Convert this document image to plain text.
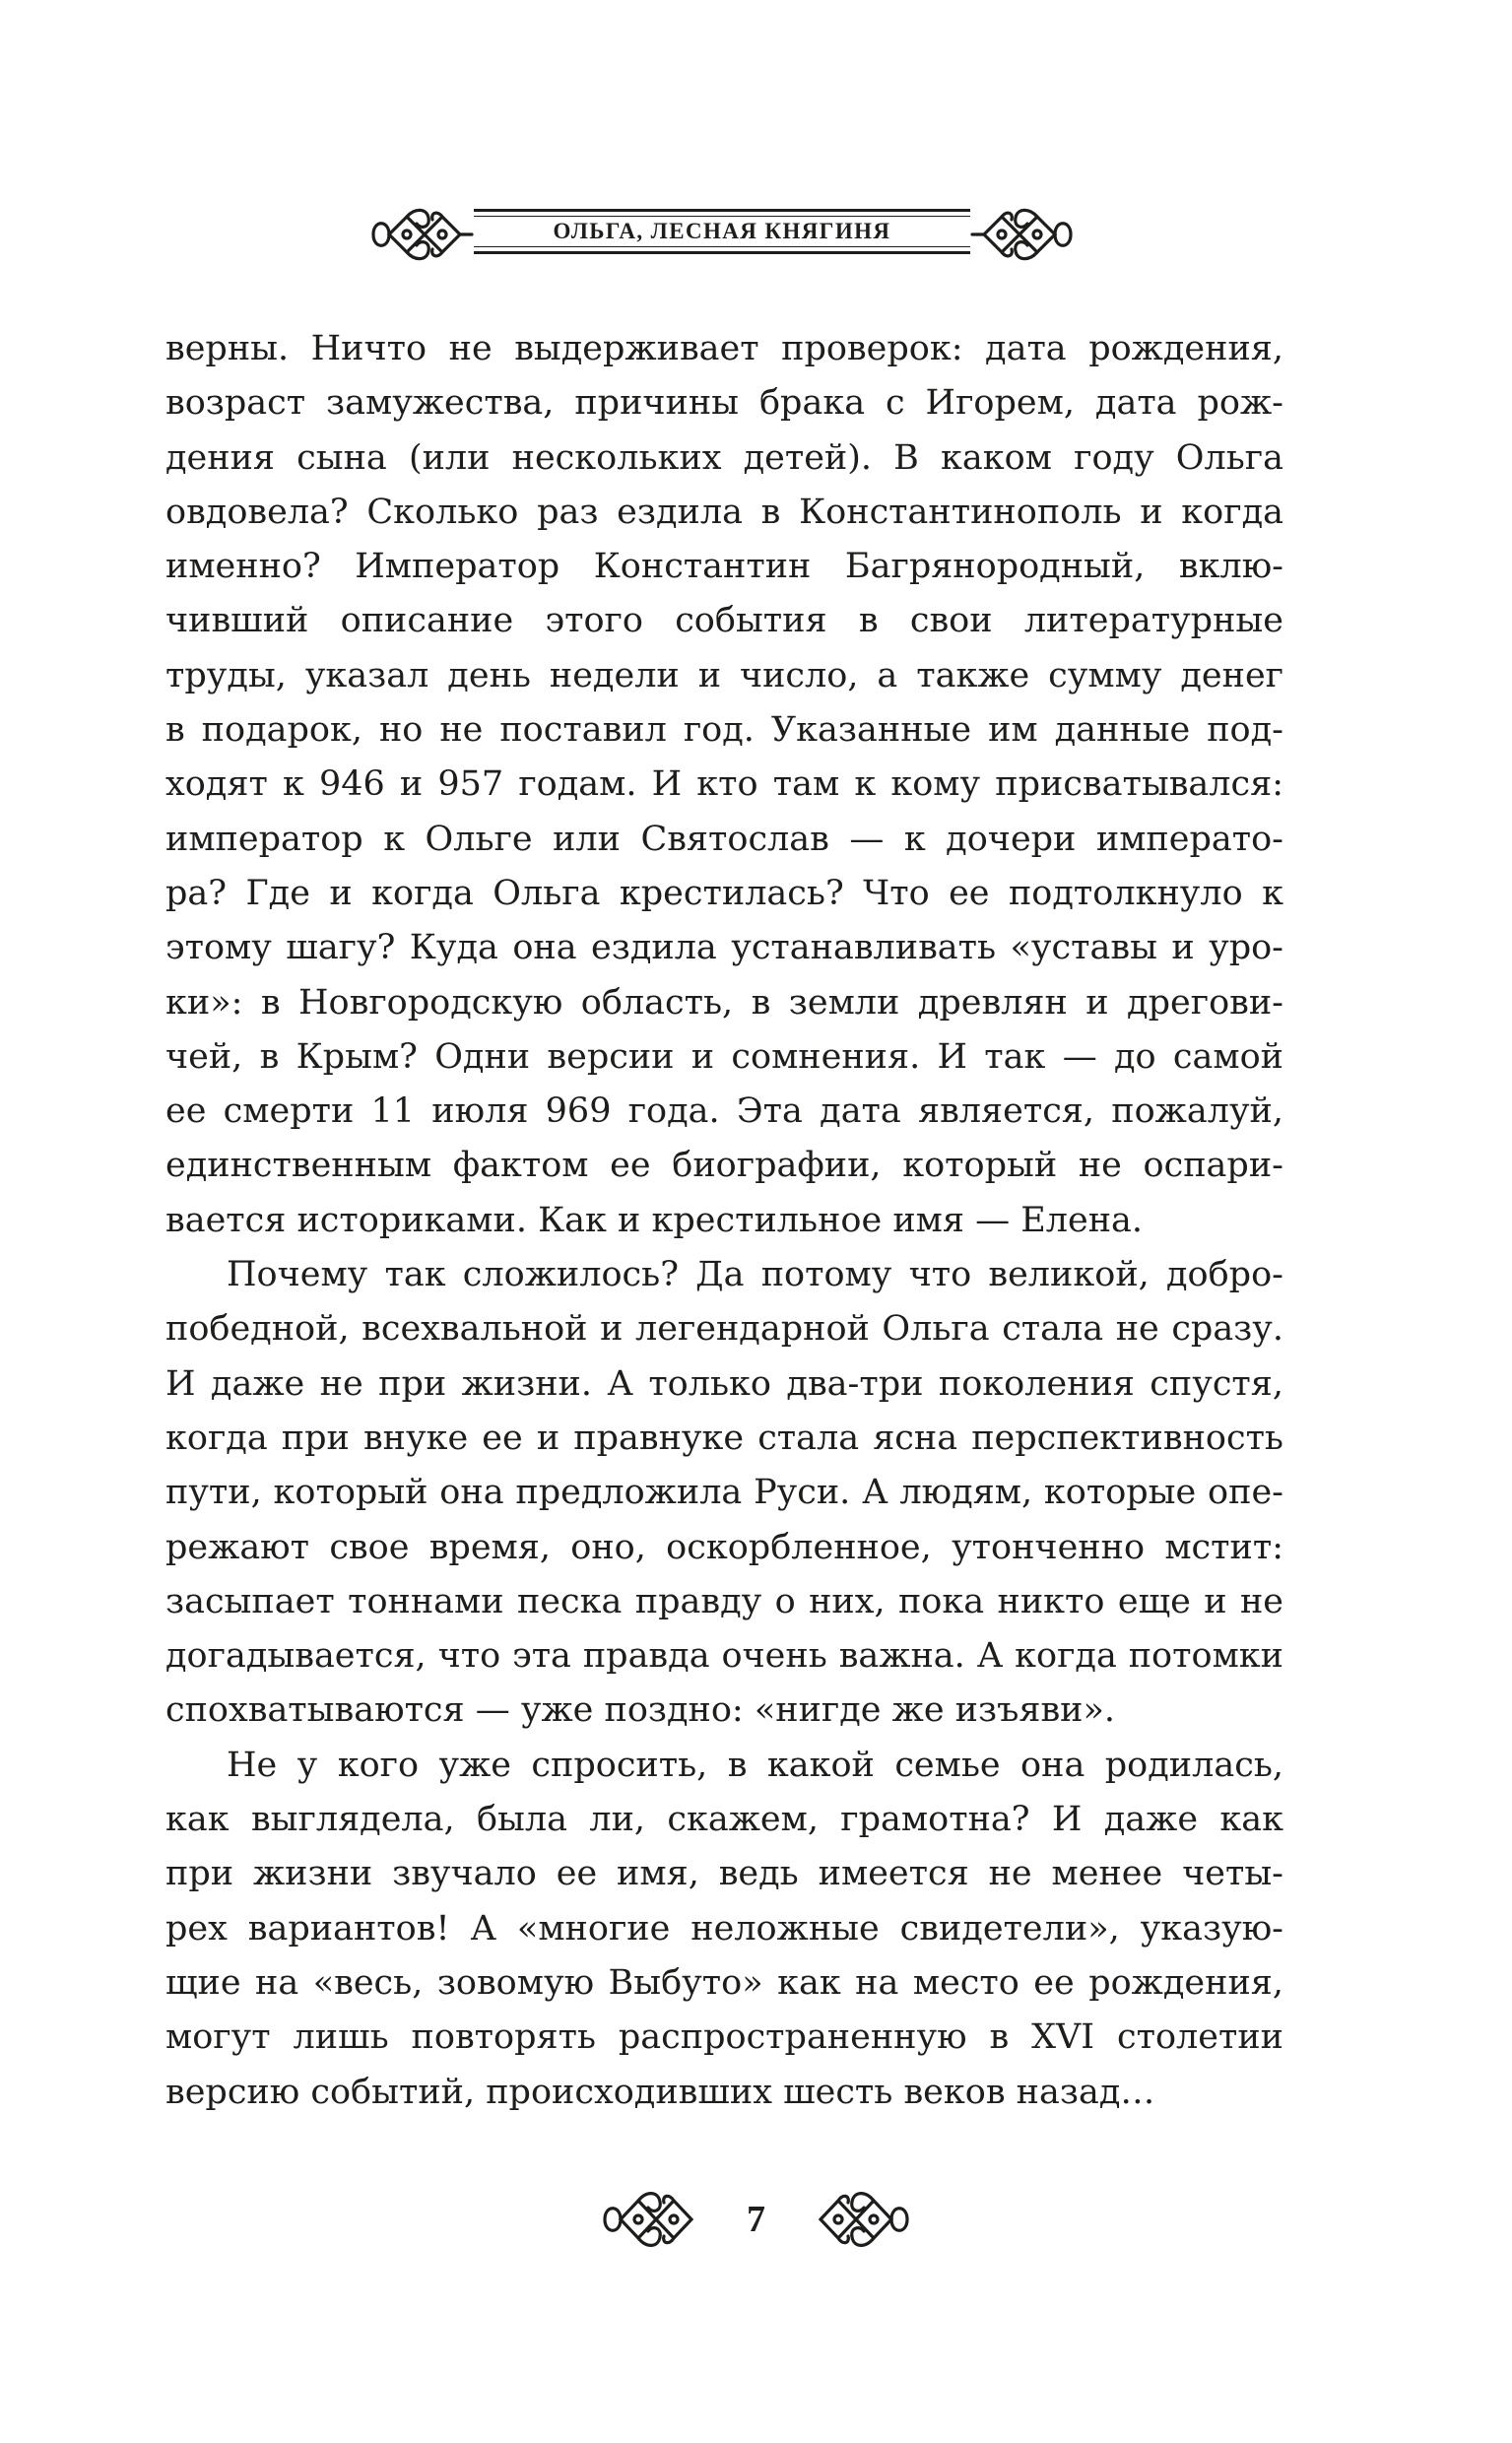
ОЛЬГА, ЛЕСНАЯ КНЯГИНЯ
верны. Ничто не выдерживает проверок: дата рождения,
возраст замужества, причины брака с Игорем, дата рож-
дения сына (или нескольких детей). В каком году Ольга
овдовела? Сколько раз ездила в Константинополь и когда
именно? Император Константин Багрянородный, вклю-
чивший описание этого события в свои литературные
труды, указал день недели и число, а также сумму денег
в подарок, но не поставил год. Указанные им данные под-
ходят к 946 и 957 годам. И кто там к кому присватывался:
император к Ольге или Святослав — к дочери императо-
ра? Где и когда Ольга крестилась? Что ее подтолкнуло к
этому шагу? Куда она ездила устанавливать «уставы и уро-
ки»: в Новгородскую область, в земли древлян и дрегови-
чей, в Крым? Одни версии и сомнения. И так — до самой
ее смерти 11 июля 969 года. Эта дата является, пожалуй,
единственным фактом ее биографии, который не оспари-
вается историками. Как и крестильное имя — Елена.
Почему так сложилось? Да потому что великой, добро-
победной, всехвальной и легендарной Ольга стала не сразу.
И даже не при жизни. А только два-три поколения спустя,
когда при внуке ее и правнуке стала ясна перспективность
пути, который она предложила Руси. А людям, которые опе-
режают свое время, оно, оскорбленное, утонченно мстит:
засыпает тоннами песка правду о них, пока никто еще и не
догадывается, что эта правда очень важна. А когда потомки
спохватываются — уже поздно: «нигде же изъяви».
Не у кого уже спросить, в какой семье она родилась,
как выглядела, была ли, скажем, грамотна? И даже как
при жизни звучало ее имя, ведь имеется не менее четы-
рех вариантов! А «многие неложные свидетели», указую-
щие на «весь, зовомую Выбуто» как на место ее рождения,
могут лишь повторять распространенную в XVI столетии
версию событий, происходивших шесть веков назад…
7
